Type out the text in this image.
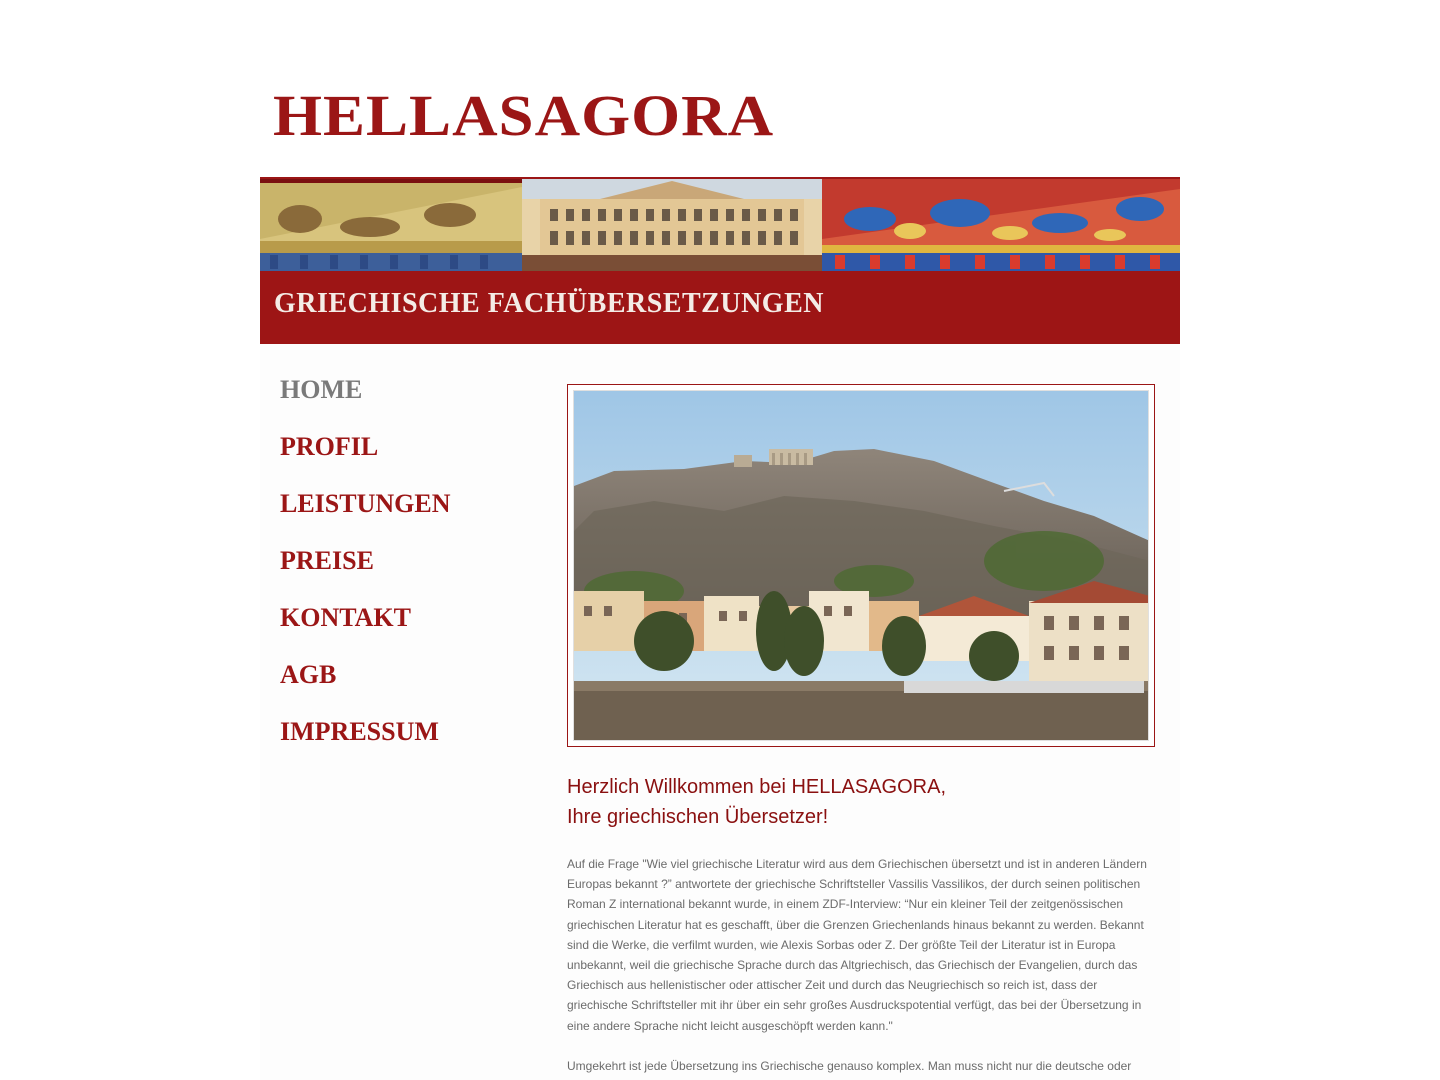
HELLASAGORA
GRIECHISCHE FACHÜBERSETZUNGEN
HOME
PROFIL
LEISTUNGEN
PREISE
KONTAKT
AGB
IMPRESSUM
Herzlich Willkommen bei HELLASAGORA,
Ihre griechischen Übersetzer!

Auf die Frage "Wie viel griechische Literatur wird aus dem Griechischen übersetzt und ist in anderen Ländern Europas bekannt ?” antwortete der griechische Schriftsteller Vassilis Vassilikos, der durch seinen politischen Roman Z international bekannt wurde, in einem ZDF-Interview: “Nur ein kleiner Teil der zeitgenössischen griechischen Literatur hat es geschafft, über die Grenzen Griechenlands hinaus bekannt zu werden. Bekannt sind die Werke, die verfilmt wurden, wie Alexis Sorbas oder Z. Der größte Teil der Literatur ist in Europa unbekannt, weil die griechische Sprache durch das Altgriechisch, das Griechisch der Evangelien, durch das Griechisch aus hellenistischer oder attischer Zeit und durch das Neugriechisch so reich ist, dass der griechische Schriftsteller mit ihr über ein sehr großes Ausdruckspotential verfügt, das bei der Übersetzung in eine andere Sprache nicht leicht ausgeschöpft werden kann."

Umgekehrt ist jede Übersetzung ins Griechische genauso komplex. Man muss nicht nur die deutsche oder
